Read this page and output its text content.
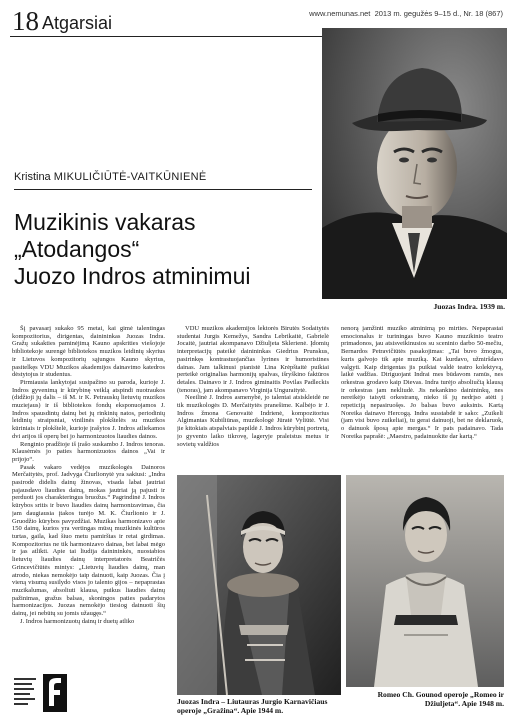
18 Atgarsiai	www.nemunas.net 2013 m. gegužės 9–15 d., Nr. 18 (867)
Juozas Indra. 1939 m.
Kristina MIKULIČIŪTĖ-VAITKŪNIENĖ
Muzikinis vakaras
„Atodangos“
Juozo Indros atminimui

Šį pavasarį sukako 95 metai, kai gimė talentingas kompozitorius, dirigentas, dainininkas Juozas Indra. Gražų sukakties paminėjimą Kauno apskrities viešojoje bibliotekoje surengė bibliotekos muzikos leidinių skyrius ir Lietuvos kompozitorių sąjungos Kauno skyrius, pasitelkęs VDU Muzikos akademijos dainavimo katedros dėstytojus ir studentus.

Pirmiausia lankytojai susipažino su paroda, kurioje J. Indros gyvenimą ir kūrybinę veiklą atspindi nuotraukos (didžioji jų dalis – iš M. ir K. Petrauskų lietuvių muzikos muziejaus) ir iš bibliotekos fondų eksponuojamos J. Indros spausdintų dainų bei jų rinkinių natos, periodinių leidinių straipsniai, vinilinės plokštelės su muzikos kūriniais ir plokštelė, kurioje įrašytos J. Indros atliekamos dvi arijos iš operų bei jo harmonizuotos liaudies dainos.

Renginio pradžioje iš įrašo suskambo J. Indros tenoras. Klausėmės jo paties harmonizuotos dainos „Vai ir prijojo“.

Pasak vakaro vedėjos muzikologės Dainoros Merčaitytės, prof. Jadvyga Čiurlionytė yra sakiusi: „Indra pasirodė didelis dainų žinovas, visada labai jautriai pajausdavo liaudies dainą, mokas jautriai ją pajusti ir perduoti jos charakteringus bruožus.“ Pagrindinė J. Indros kūrybos sritis ir buvo liaudies dainų harmonizavimas, čia jam daugiausia įtakos turėjo M. K. Čiurlionio ir J. Gruodžio kūrybos pavyzdžiai. Muzikas harmonizavo apie 150 dainų, kurios yra vertingas mūsų muzikinės kultūros turtas, gaila, kad šiuo metu pamirštas ir retai girdimas. Kompozitorius ne tik harmonizavo dainas, bet labai mėgo ir jas atlikti. Apie tai liudija dainininkės, nuostabios lietuvių liaudies dainų interpretatorės Beatričės Grincevičiūtės mintys: „Lietuvių liaudies dainų, man atrodo, niekas nemokėjo taip dainuoti, kaip Juozas. Čia į vieną visumą susilydo visos jo talento gijos – nepaprastas muzikalumas, absoliuti klausa, puikus liaudies dainų pažinimas, gražus balsas, skoningos paties padarytos harmonizacijos. Juozas nemokėjo tiesiog dainuoti šių dainų, jei nebūtų su jomis užaugęs.“

J. Indros harmonizuotų dainų ir duetų atliko

VDU muzikos akademijos lektorės Birutės Sodaitytės studentai Jurgis Kemežys, Sandra Lebrikaitė, Gabrielė Jocaitė, jautriai akompanavo Džiuljeta Sklerienė. Įdomių interpretacijų pateikė dainininkas Giedrius Prunskus, pasirinkęs kontrastuojančias lyrines ir humoristines dainas. Jam talkinusi pianistė Lina Krėpštaitė puikiai perteikė originalias harmonijų spalvas, išryškino faktūros detales. Dainavo ir J. Indros giminaitis Povilas Padleckis (tenoras), jam akompanavo Virginija Unguraitytė.

Neeilinė J. Indros asmenybė, jo talentai atsiskleidė ne tik muzikologės D. Merčaitytės pranešime. Kalbėjo ir J. Indros žmona Genovaitė Indrienė, kompozitorius Algimantas Kubiliūnas, muzikologė Jūratė Vyliūtė. Visi jie kitokiais atspalviais papildė J. Indros kūrybinį portretą, jo gyvento laiko tikrovę, lageryje praleistus metus ir sovietų valdžios

nenorą įamžinti muziko atminimą po mirties. Nepaprastai emocionalus ir turiningas buvo Kauno muzikinio teatro primadonos, jau atsisveikinusios su sceninio darbo 50-mečiu, Bernardos Petravičiūtės pasakojimas: „Tai buvo žmogus, kuris galvojo tik apie muziką. Kai kurdavo, užmiršdavo valgyti. Kaip dirigentas jis puikiai valdė teatro kolektyvą, laikė vadžias. Diriguojant Indrai mes būdavom ramūs, nes orkestras grodavo kaip Dievas. Indra turėjo absoliučią klausą ir orkestras jam nekliudė. Jis nekankino dainininkų, nes nereikėjo taisyti orkestranų, nieko iš jų nedrįso atėti į repeticiją nepasiruošęs. Jo balsas buvo auksinis. Kartą Noreika dainavo Hercogą. Indra susstabdė ir sako: „Zuikeli (jam visi buvo zuikeliai), tu gerai dainuoji, bet ne deklaruok, o dainuok šposą apie mergas.“ Ir pats padainavo. Tada Noreika paprašė: „Maestro, padainuokite dar kartą.“

Juozas Indra – Liutauras Jurgio Karnavičiaus operoje „Gražina“. Apie 1944 m.
Romeo Ch. Gounod operoje „Romeo ir Džiuljeta“. Apie 1948 m.
